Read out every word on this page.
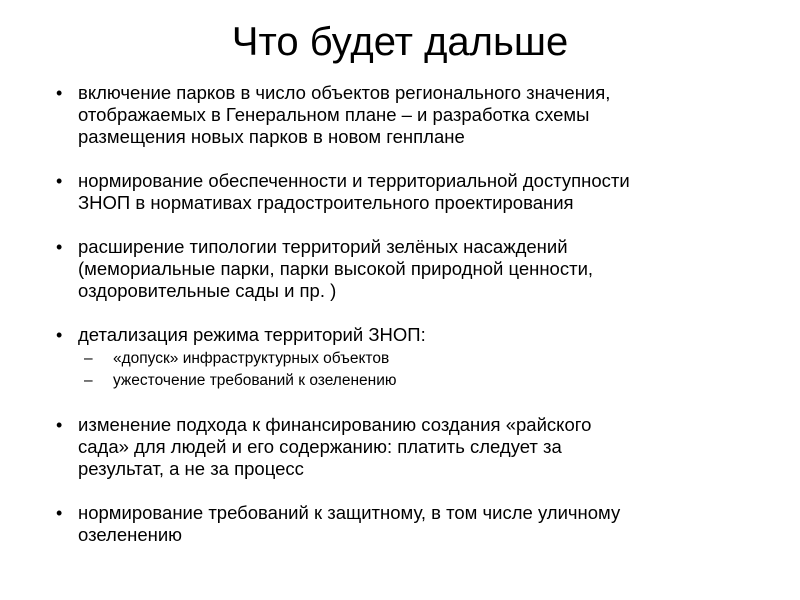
Что будет дальше
• включение парков в число объектов регионального значения,
отображаемых в Генеральном плане – и разработка схемы
размещения новых парков в новом генплане
• нормирование обеспеченности и территориальной доступности
ЗНОП в нормативах градостроительного проектирования
• расширение типологии территорий зелёных насаждений
(мемориальные парки, парки высокой природной ценности,
оздоровительные сады и пр. )
• детализация режима территорий ЗНОП:
– «допуск» инфраструктурных объектов
– ужесточение требований к озеленению
• изменение подхода к финансированию создания «райского
сада» для людей и его содержанию: платить следует за
результат, а не за процесс
• нормирование требований к защитному, в том числе уличному
озеленению
